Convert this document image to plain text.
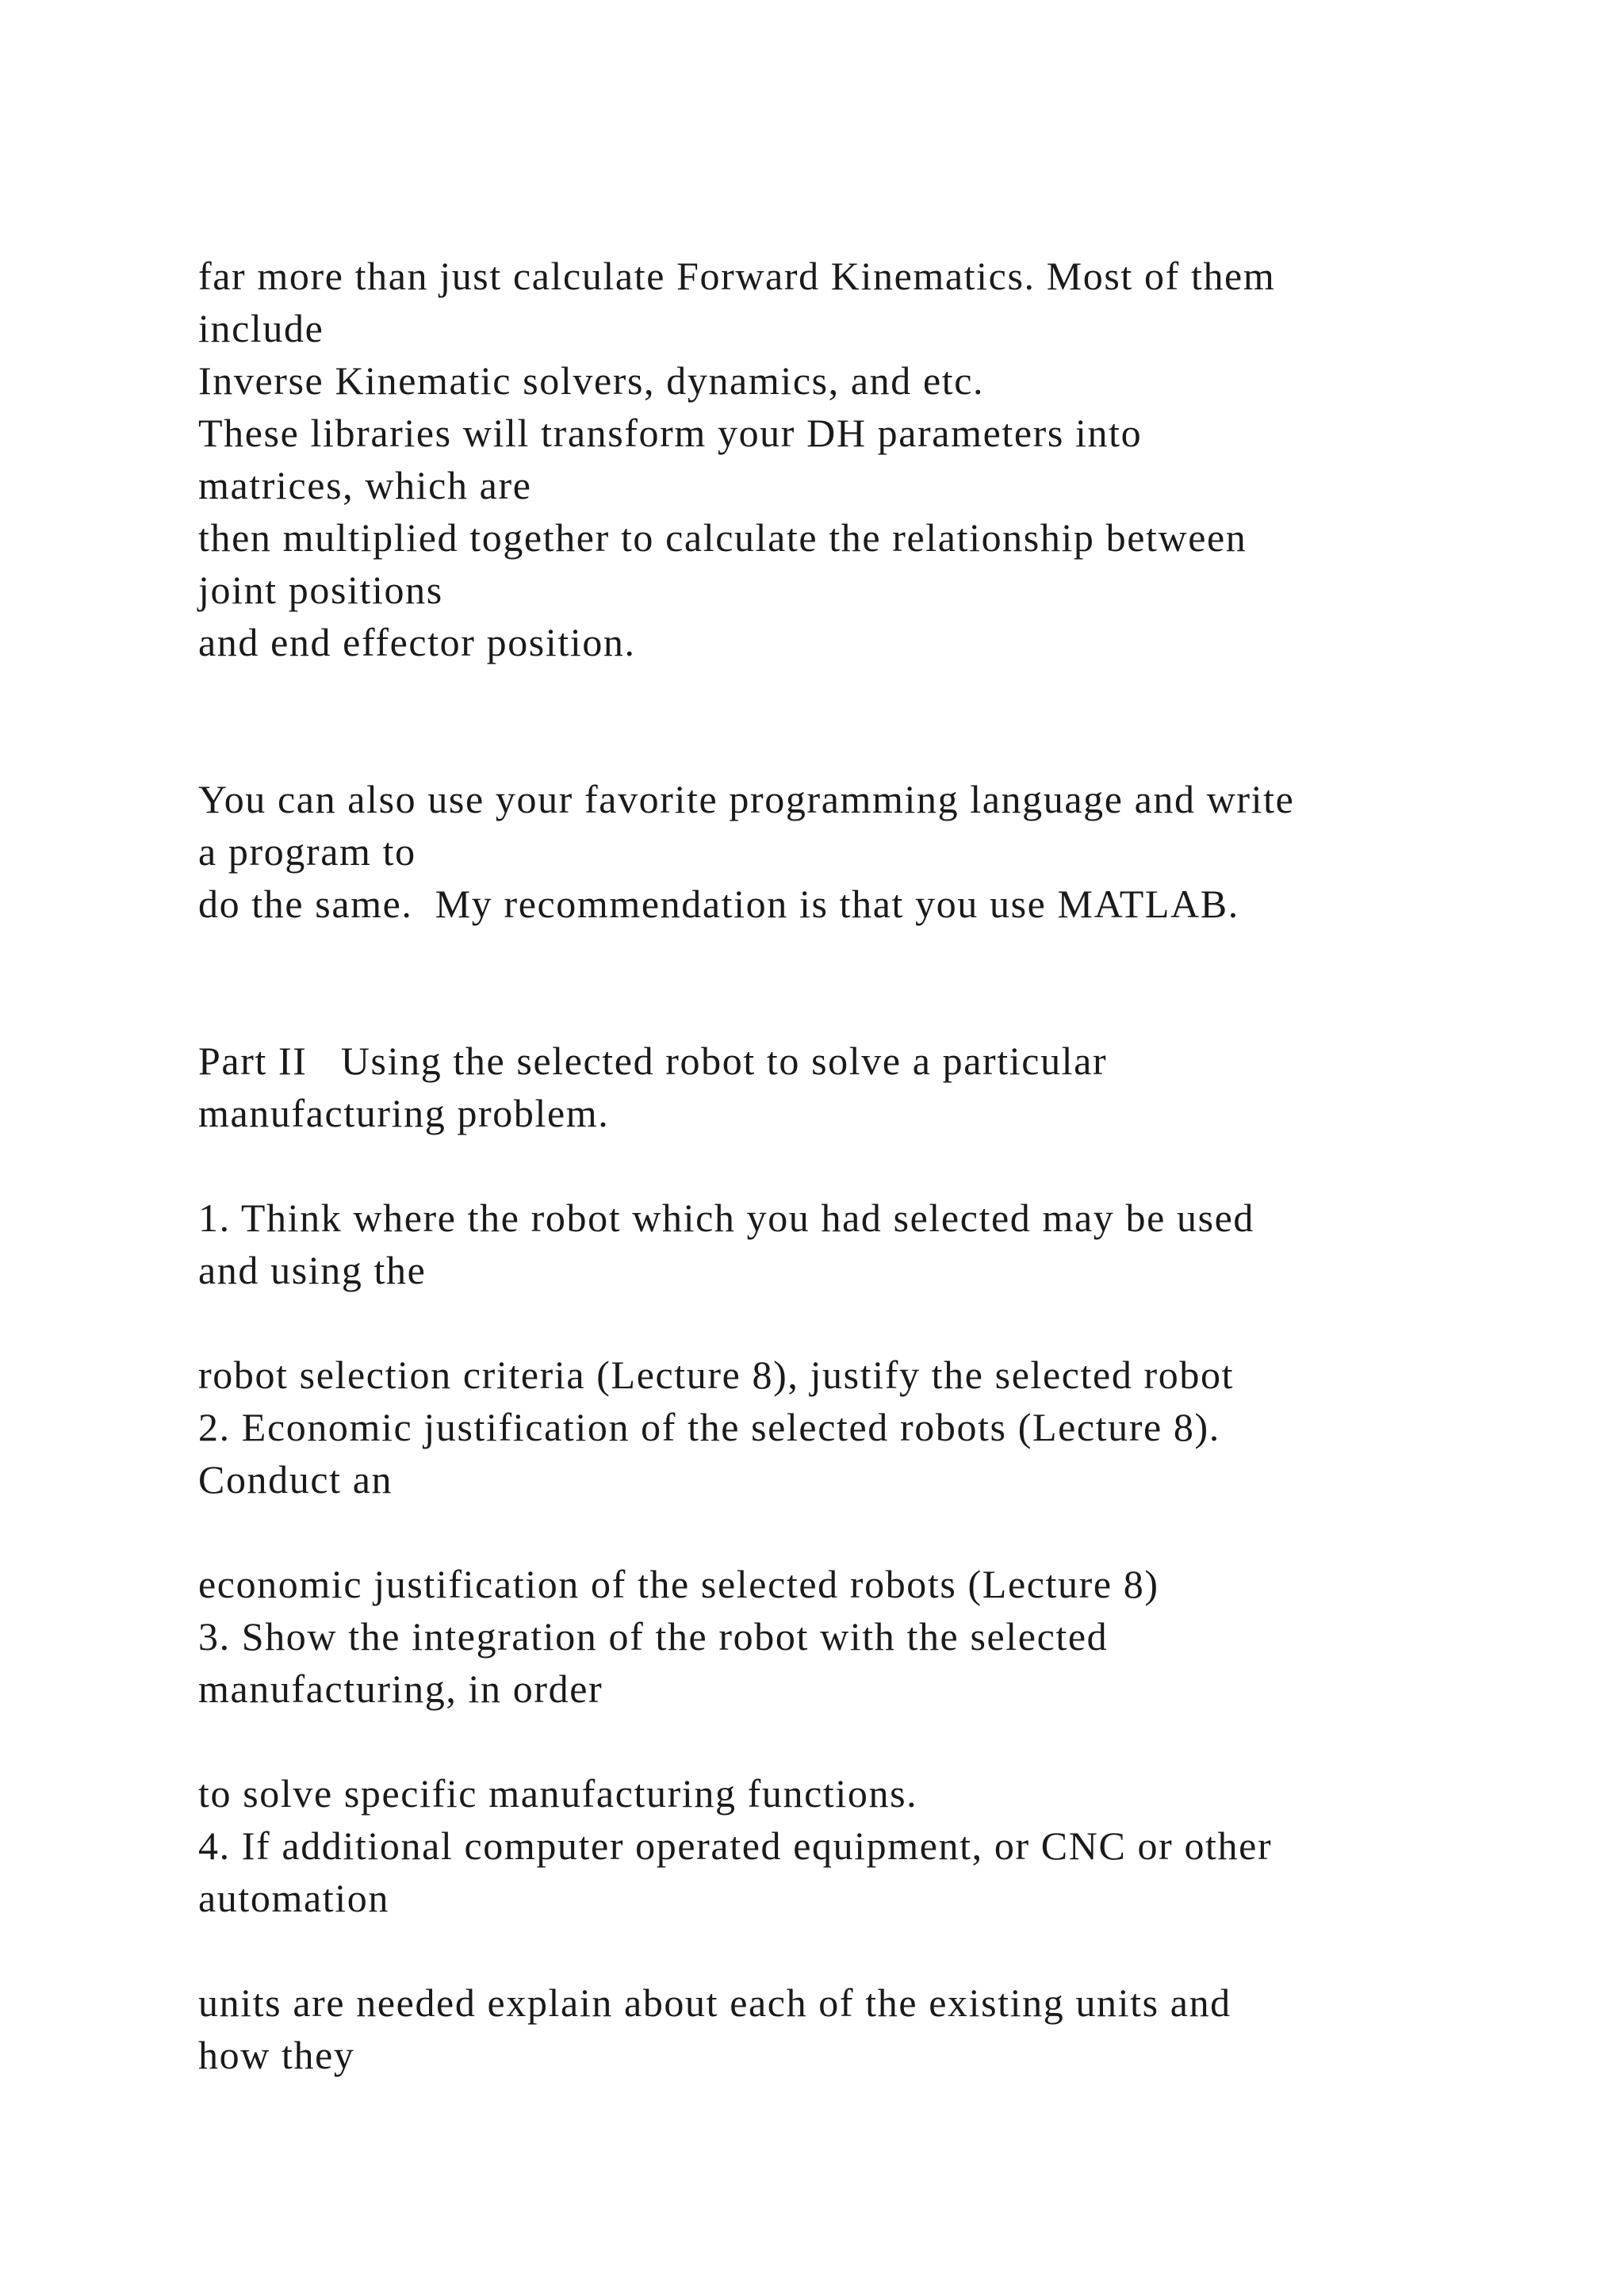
far more than just calculate Forward Kinematics. Most of them
include
Inverse Kinematic solvers, dynamics, and etc.
These libraries will transform your DH parameters into
matrices, which are
then multiplied together to calculate the relationship between
joint positions
and end effector position.
You can also use your favorite programming language and write
a program to
do the same.  My recommendation is that you use MATLAB.
Part II   Using the selected robot to solve a particular
manufacturing problem.
1. Think where the robot which you had selected may be used
and using the
robot selection criteria (Lecture 8), justify the selected robot
2. Economic justification of the selected robots (Lecture 8).
Conduct an
economic justification of the selected robots (Lecture 8)
3. Show the integration of the robot with the selected
manufacturing, in order
to solve specific manufacturing functions.
4. If additional computer operated equipment, or CNC or other
automation
units are needed explain about each of the existing units and
how they
